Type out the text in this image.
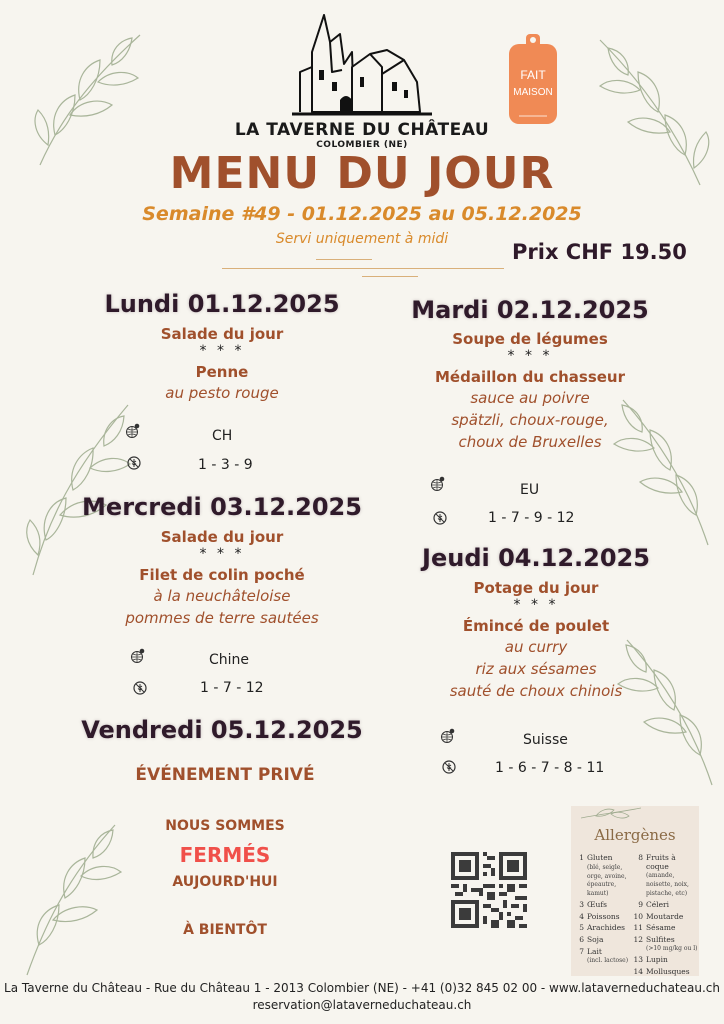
FAIT
MAISON
LA TAVERNE DU CHÂTEAU
COLOMBIER (NE)
MENU DU JOUR
Semaine #49 - 01.12.2025 au 05.12.2025
Servi uniquement à midi
Prix CHF 19.50
Lundi 01.12.2025
Salade du jour
* * *
Penne
au pesto rouge
CH
1 - 3 - 9
Mardi 02.12.2025
Soupe de légumes
* * *
Médaillon du chasseur
sauce au poivre
spätzli, choux-rouge,
choux de Bruxelles
EU
1 - 7 - 9 - 12
Mercredi 03.12.2025
Salade du jour
* * *
Filet de colin poché
à la neuchâteloise
pommes de terre sautées
Chine
1 - 7 - 12
Jeudi 04.12.2025
Potage du jour
* * *
Émincé de poulet
au curry
riz aux sésames
sauté de choux chinois
Suisse
1 - 6 - 7 - 8 - 11
Vendredi 05.12.2025
ÉVÉNEMENT PRIVÉ
NOUS SOMMES
FERMÉS
AUJOURD'HUI
À BIENTÔT
Allergènes
1 Gluten
(blé, seigle, orge, avoine, épeautre, kamut)
3 Œufs
4 Poissons
5 Arachides
6 Soja
7 Lait
(incl. lactose)
8 Fruits à coque
(amande, noisette, noix, pistache, etc)
9 Céleri
10 Moutarde
11 Sésame
12 Sulfites
(>10 mg/kg ou l)
13 Lupin
14 Mollusques
La Taverne du Château - Rue du Château 1 - 2013 Colombier (NE) - +41 (0)32 845 02 00 - www.lataverneduchateau.ch
reservation@lataverneduchateau.ch
